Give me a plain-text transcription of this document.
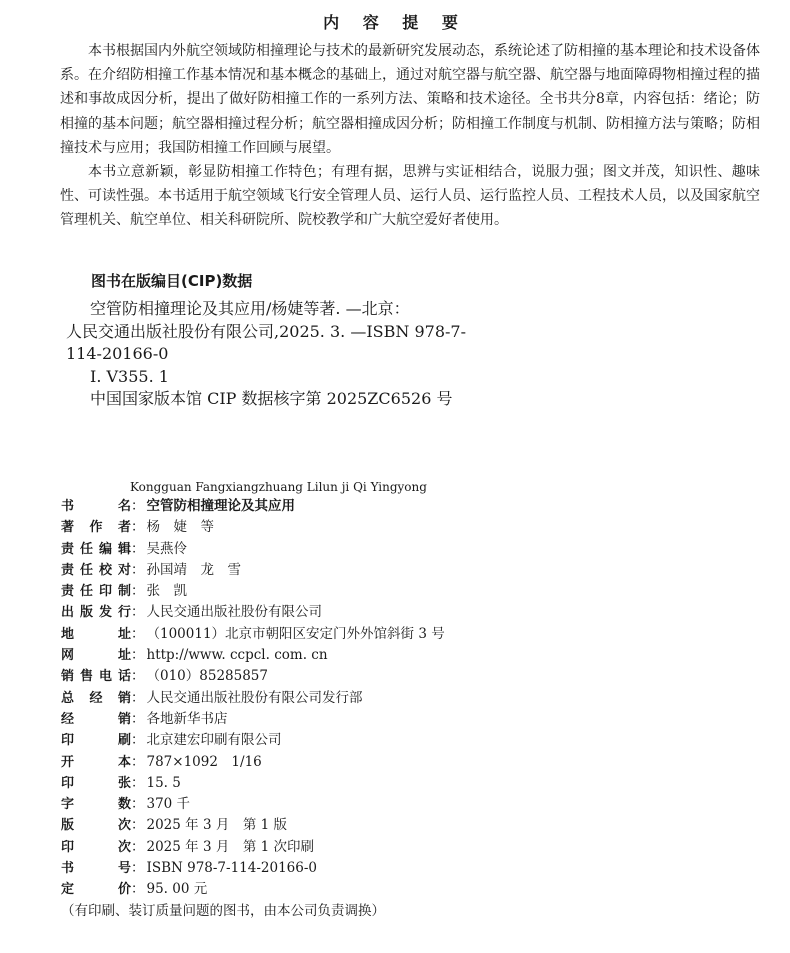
内 容 提 要

本书根据国内外航空领域防相撞理论与技术的最新研究发展动态，系统论述了防相撞的基本理论和技术设备体系。在介绍防相撞工作基本情况和基本概念的基础上，通过对航空器与航空器、航空器与地面障碍物相撞过程的描述和事故成因分析，提出了做好防相撞工作的一系列方法、策略和技术途径。全书共分8章，内容包括：绪论；防相撞的基本问题；航空器相撞过程分析；航空器相撞成因分析；防相撞工作制度与机制、防相撞方法与策略；防相撞技术与应用；我国防相撞工作回顾与展望。

本书立意新颖，彰显防相撞工作特色；有理有据，思辨与实证相结合，说服力强；图文并茂，知识性、趣味性、可读性强。本书适用于航空领域飞行安全管理人员、运行人员、运行监控人员、工程技术人员，以及国家航空管理机关、航空单位、相关科研院所、院校教学和广大航空爱好者使用。

图书在版编目(CIP)数据
空管防相撞理论及其应用/杨婕等著. —北京：
人民交通出版社股份有限公司,2025. 3. —ISBN 978-7-
114-20166-0
Ⅰ. V355. 1
中国国家版本馆 CIP 数据核字第 2025ZC6526 号
Kongguan Fangxiangzhuang Lilun ji Qi Yingyong
书	名 ： 空管防相撞理论及其应用
著 作 者 ： 杨　婕　等
责 任 编 辑 ： 吴燕伶
责 任 校 对 ： 孙国靖　龙　雪
责 任 印 制 ： 张　凯
出 版 发 行 ： 人民交通出版社股份有限公司
地	址 ： （100011）北京市朝阳区安定门外外馆斜街 3 号
网	址 ： http://www. ccpcl. com. cn
销 售 电 话 ： （010）85285857
总 经 销 ： 人民交通出版社股份有限公司发行部
经	销 ： 各地新华书店
印	刷 ： 北京建宏印刷有限公司
开	本 ： 787×1092　1/16
印	张 ： 15. 5
字	数 ： 370 千
版	次 ： 2025 年 3 月　第 1 版
印	次 ： 2025 年 3 月　第 1 次印刷
书	号 ： ISBN 978-7-114-20166-0
定	价 ： 95. 00 元
（有印刷、装订质量问题的图书，由本公司负责调换）
